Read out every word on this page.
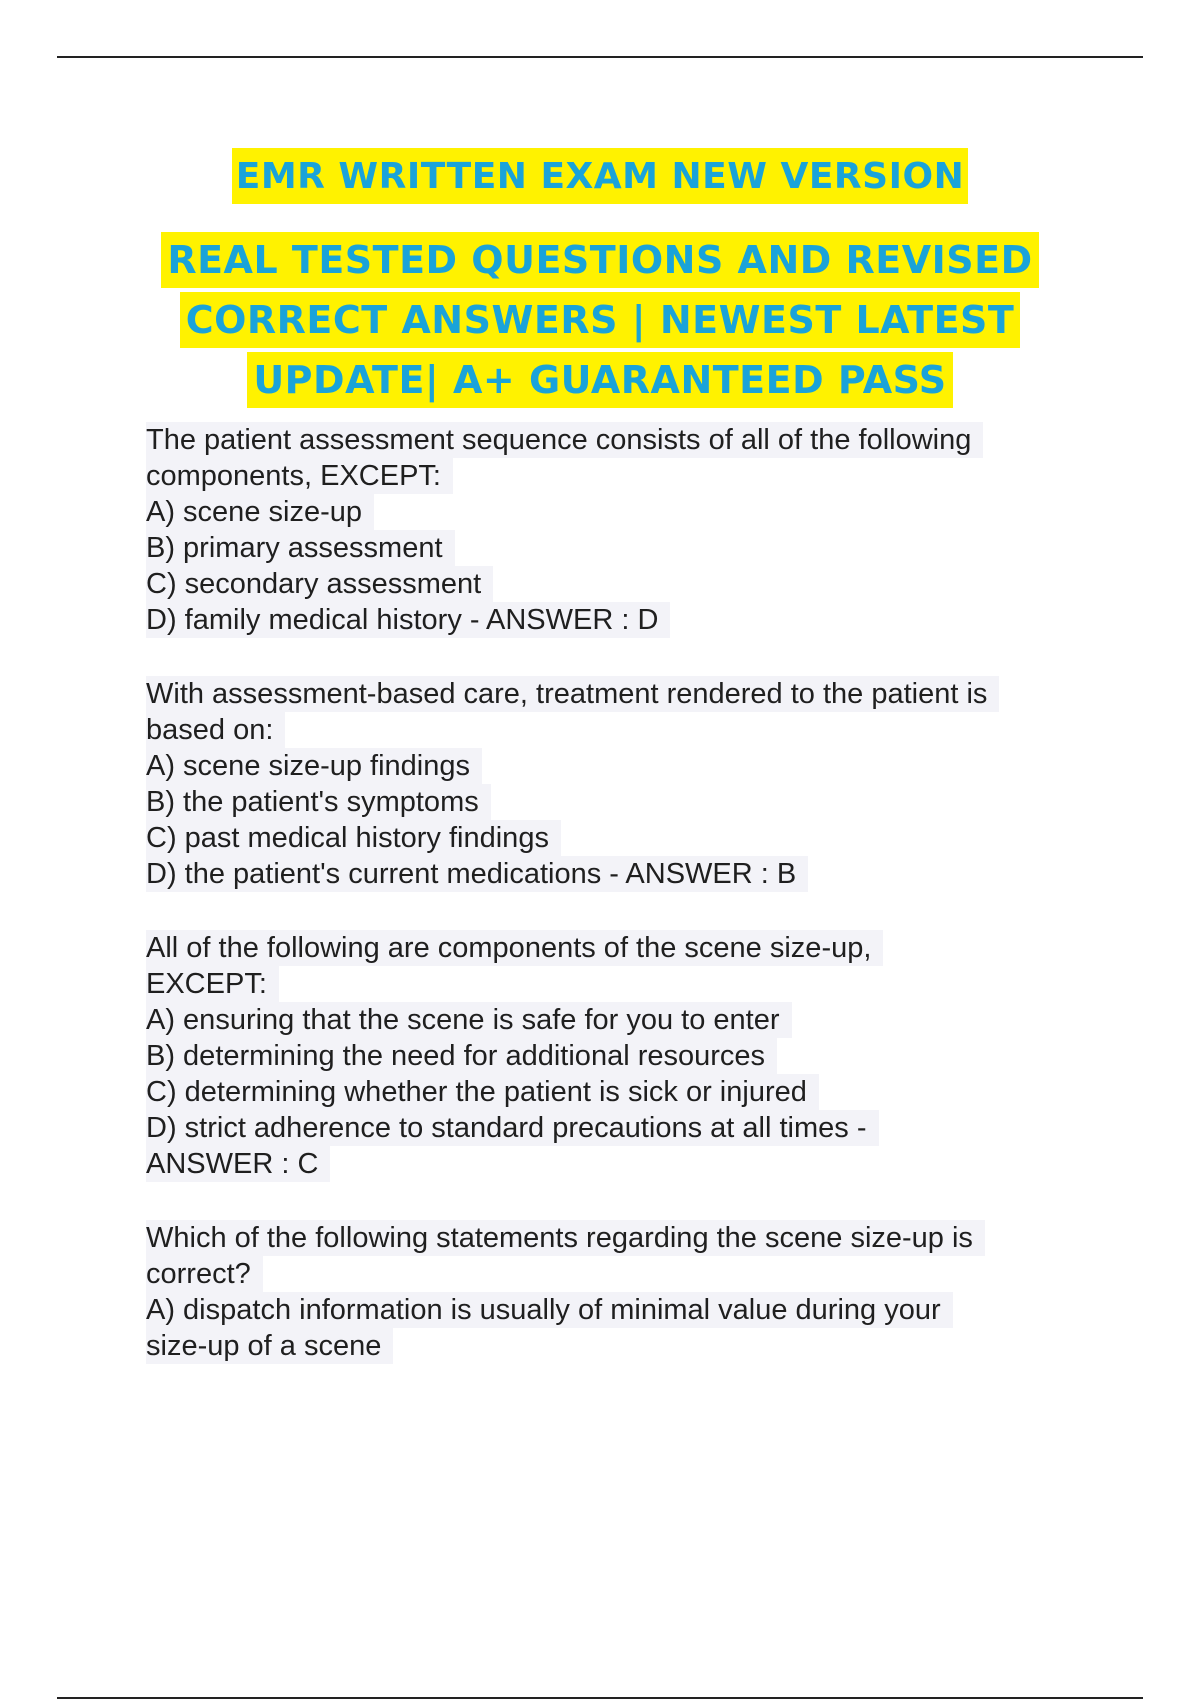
EMR WRITTEN EXAM NEW VERSION
REAL TESTED QUESTIONS AND REVISED
CORRECT ANSWERS | NEWEST LATEST
UPDATE| A+ GUARANTEED PASS
The patient assessment sequence consists of all of the following
components, EXCEPT:
A) scene size-up
B) primary assessment
C) secondary assessment
D) family medical history - ANSWER : D
With assessment-based care, treatment rendered to the patient is
based on:
A) scene size-up findings
B) the patient's symptoms
C) past medical history findings
D) the patient's current medications - ANSWER : B
All of the following are components of the scene size-up,
EXCEPT:
A) ensuring that the scene is safe for you to enter
B) determining the need for additional resources
C) determining whether the patient is sick or injured
D) strict adherence to standard precautions at all times -
ANSWER : C
Which of the following statements regarding the scene size-up is
correct?
A) dispatch information is usually of minimal value during your
size-up of a scene
